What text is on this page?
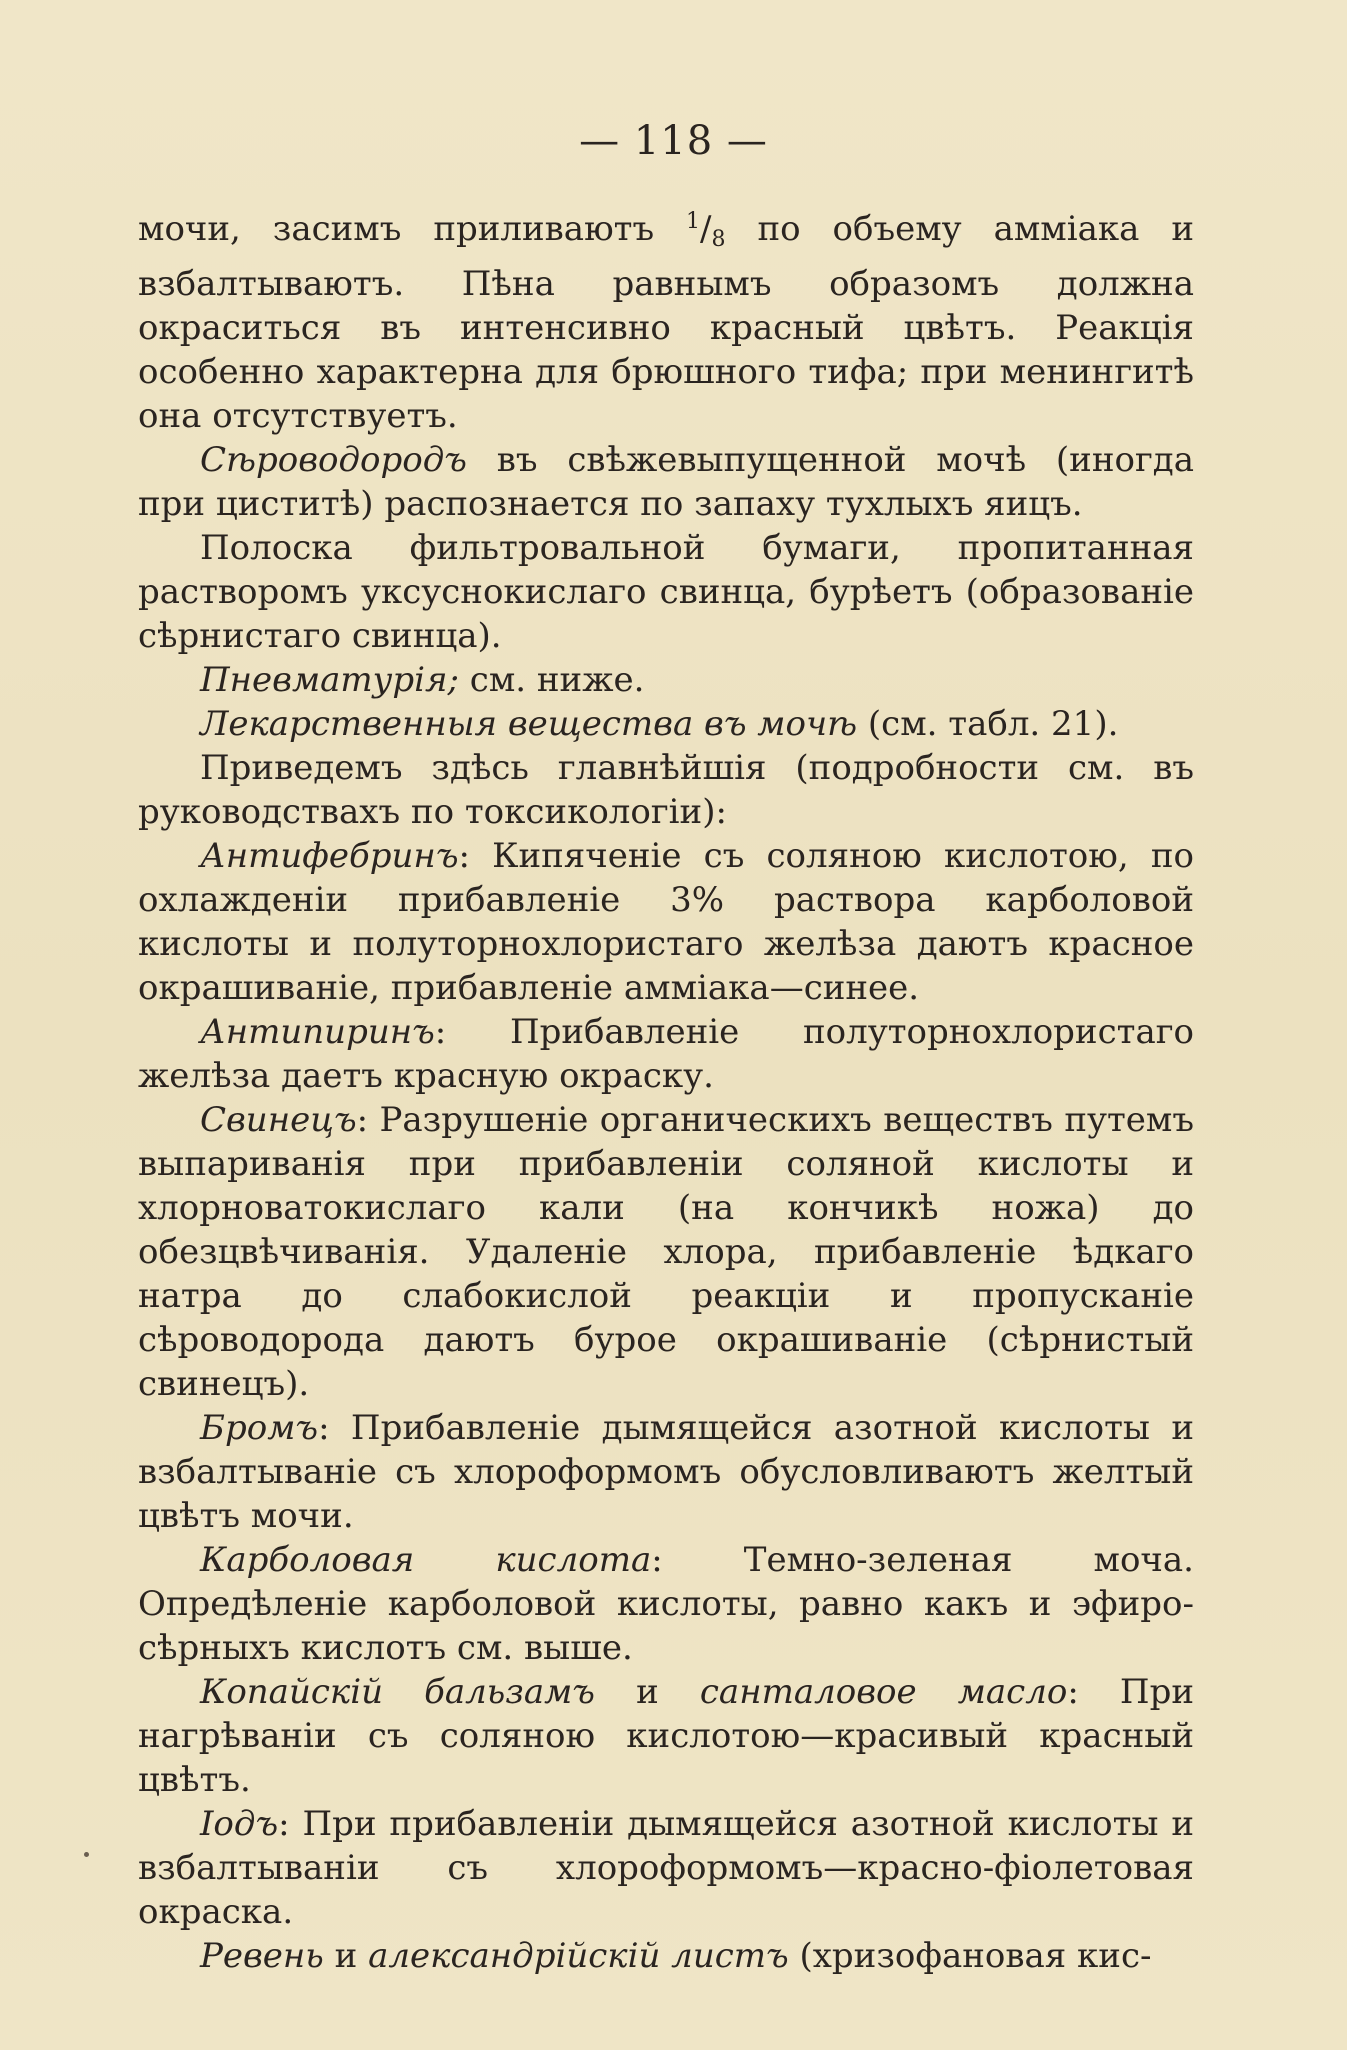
— 118 —

мочи, засимъ приливаютъ $^1/_8$ по объему амміака и взбалтываютъ. Пѣна равнымъ образомъ должна окраситься въ интенсивно красный цвѣтъ. Реакція особенно характерна для брюшного тифа; при менингитѣ она отсутствуетъ.

Сѣроводородъ въ свѣжевыпущенной мочѣ (иногда при циститѣ) распознается по запаху тухлыхъ яицъ.

Полоска фильтровальной бумаги, пропитанная растворомъ уксуснокислаго свинца, бурѣетъ (образованіе сѣрнистаго свинца).

Пневматурія; см. ниже.

Лекарственныя вещества въ мочѣ (см. табл. 21).

Приведемъ здѣсь главнѣйшія (подробности см. въ руководствахъ по токсикологіи):

Антифебринъ: Кипяченіе съ соляною кислотою, по охлажденіи прибавленіе 3% раствора карболовой кислоты и полуторнохлористаго желѣза даютъ красное окрашиваніе, прибавленіе амміака—синее.

Антипиринъ: Прибавленіе полуторнохлористаго желѣза даетъ красную окраску.

Свинецъ: Разрушеніе органическихъ веществъ путемъ выпариванія при прибавленіи соляной кислоты и хлорноватокислаго кали (на кончикѣ ножа) до обезцвѣчиванія. Удаленіе хлора, прибавленіе ѣдкаго натра до слабокислой реакціи и пропусканіе сѣроводорода даютъ бурое окрашиваніе (сѣрнистый свинецъ).

Бромъ: Прибавленіе дымящейся азотной кислоты и взбалтываніе съ хлороформомъ обусловливаютъ желтый цвѣтъ мочи.

Карболовая кислота: Темно-зеленая моча. Опредѣленіе карболовой кислоты, равно какъ и эфиро-сѣрныхъ кислотъ см. выше.

Копайскій бальзамъ и санталовое масло: При нагрѣваніи съ соляною кислотою—красивый красный цвѣтъ.

Іодъ: При прибавленіи дымящейся азотной кислоты и взбалтываніи съ хлороформомъ—красно-фіолетовая окраска.

Ревень и александрійскій листъ (хризофановая кис-
